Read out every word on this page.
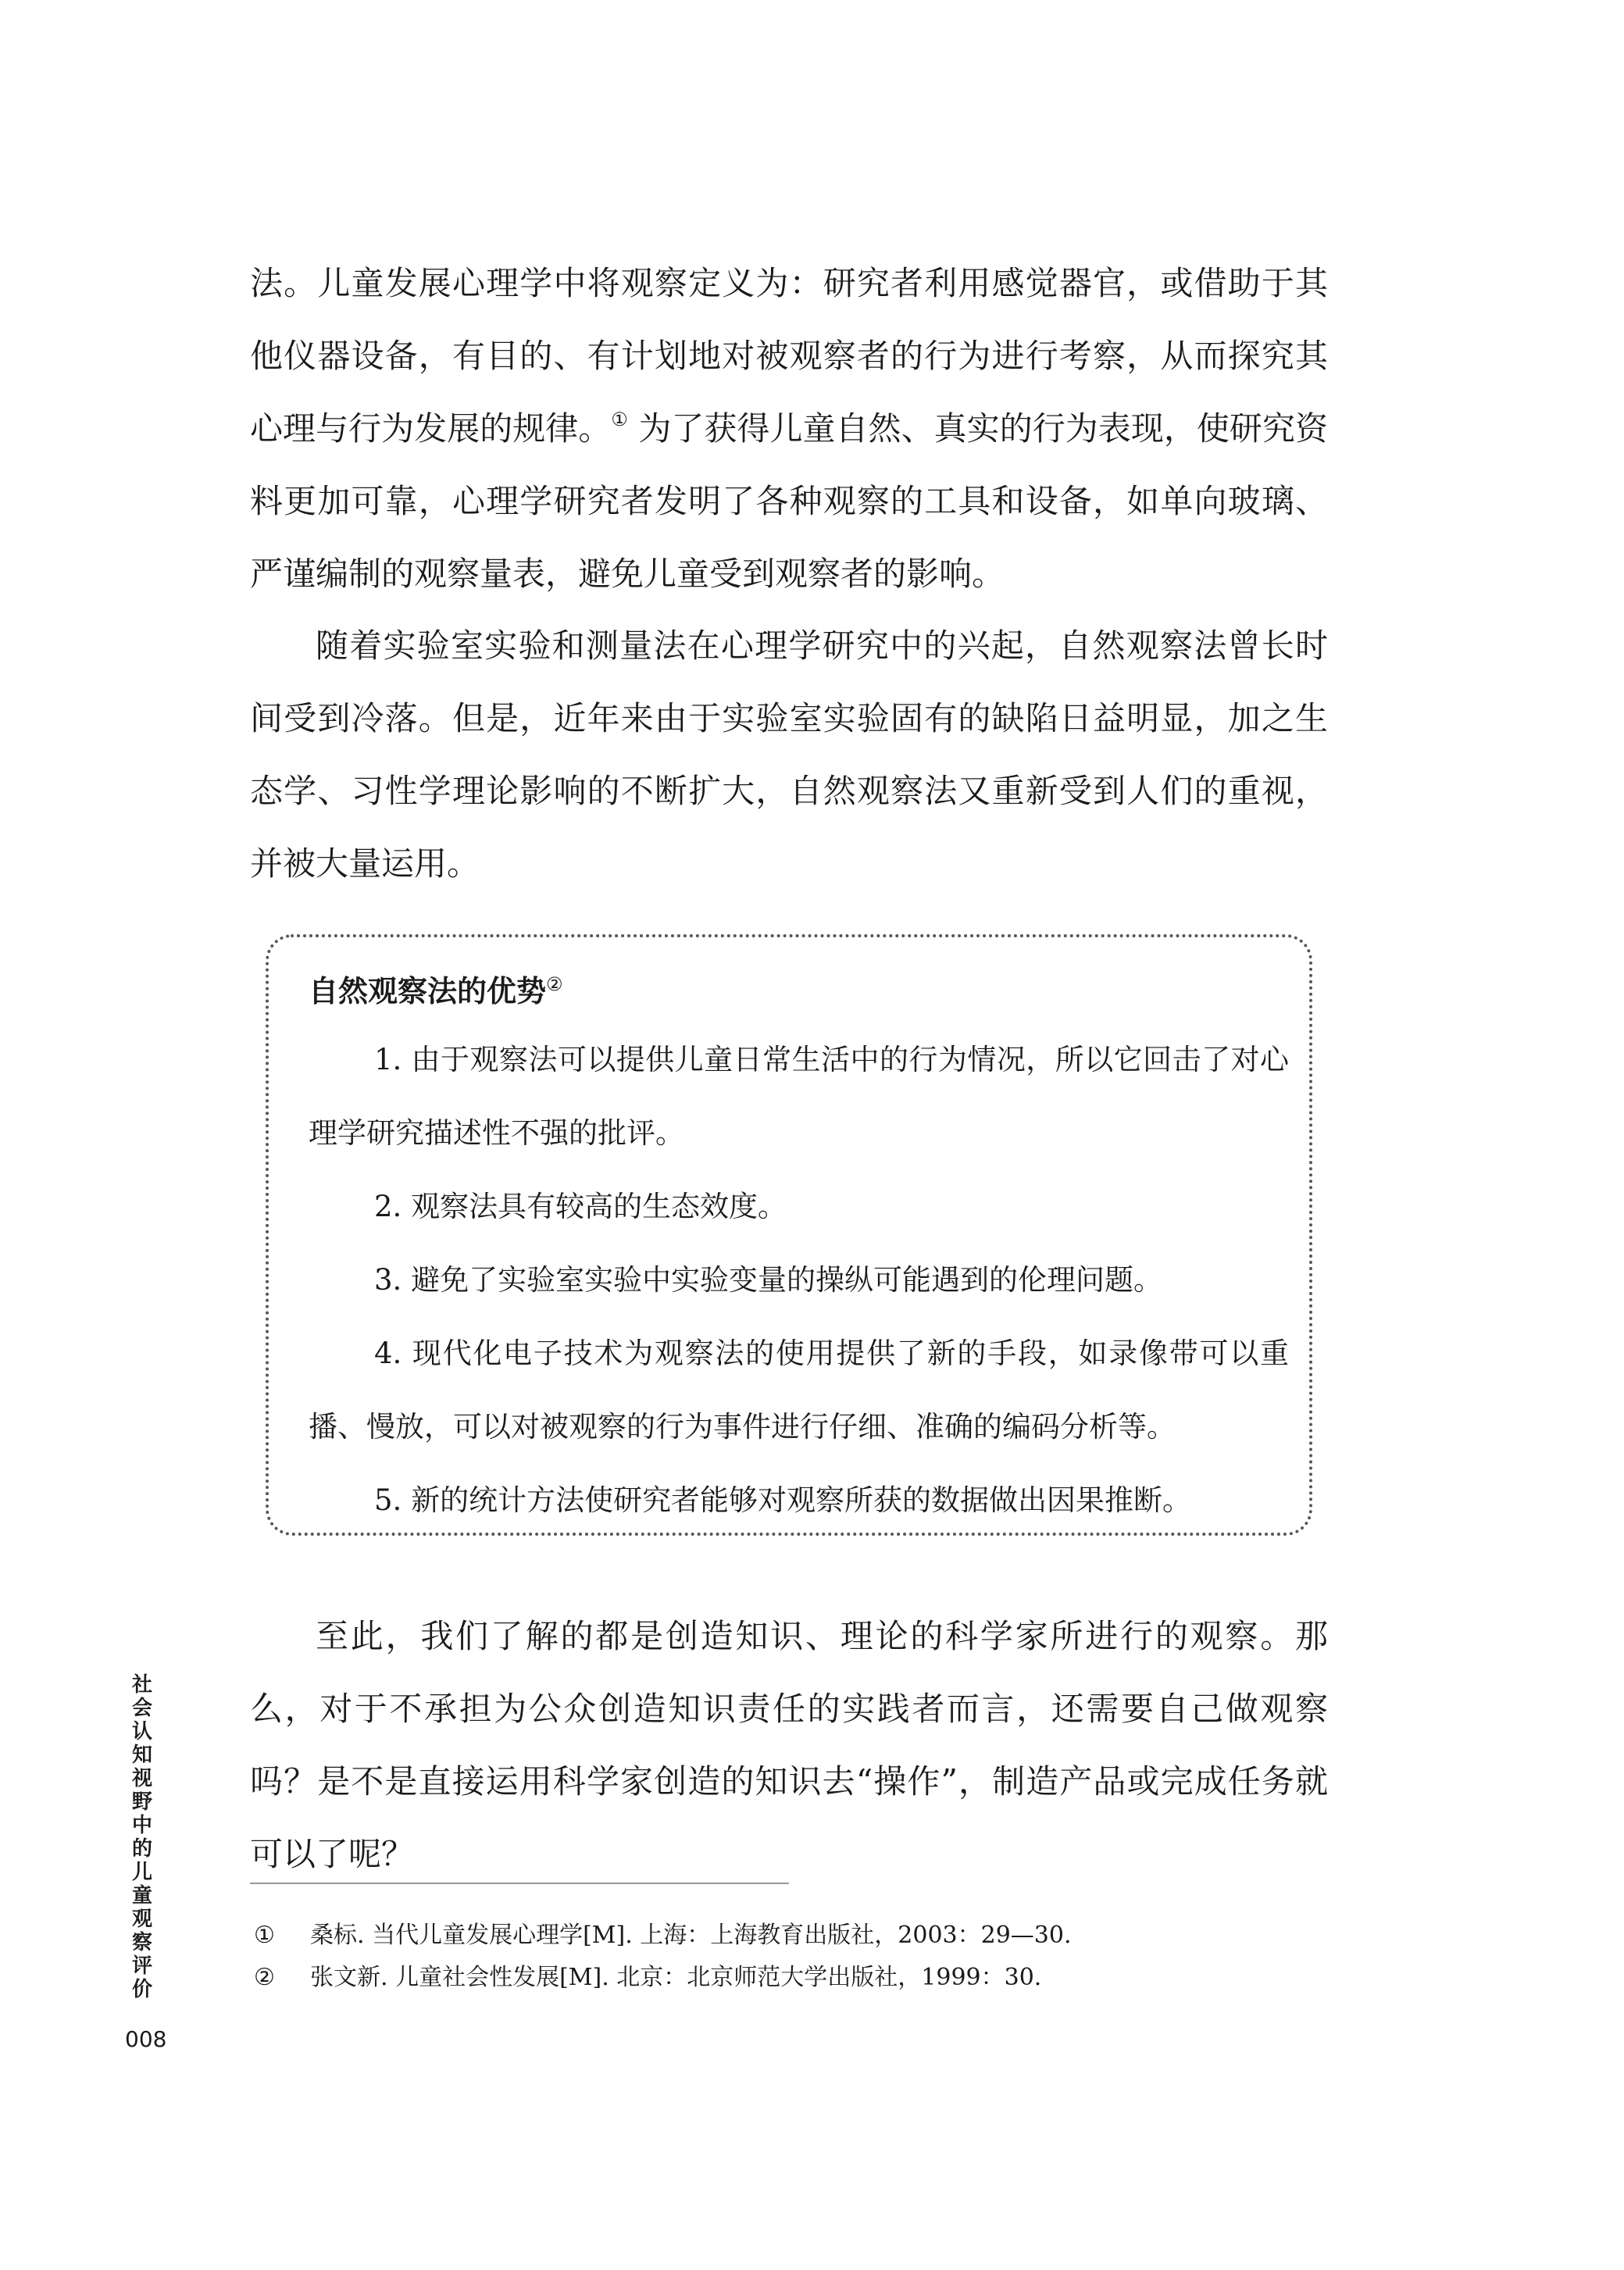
法。儿童发展心理学中将观察定义为：研究者利用感觉器官，或借助于其他仪器设备，有目的、有计划地对被观察者的行为进行考察，从而探究其心理与行为发展的规律。① 为了获得儿童自然、真实的行为表现，使研究资料更加可靠，心理学研究者发明了各种观察的工具和设备，如单向玻璃、严谨编制的观察量表，避免儿童受到观察者的影响。

随着实验室实验和测量法在心理学研究中的兴起，自然观察法曾长时间受到冷落。但是，近年来由于实验室实验固有的缺陷日益明显，加之生态学、习性学理论影响的不断扩大，自然观察法又重新受到人们的重视，并被大量运用。

自然观察法的优势②

1. 由于观察法可以提供儿童日常生活中的行为情况，所以它回击了对心理学研究描述性不强的批评。

2. 观察法具有较高的生态效度。

3. 避免了实验室实验中实验变量的操纵可能遇到的伦理问题。

4. 现代化电子技术为观察法的使用提供了新的手段，如录像带可以重播、慢放，可以对被观察的行为事件进行仔细、准确的编码分析等。

5. 新的统计方法使研究者能够对观察所获的数据做出因果推断。

至此，我们了解的都是创造知识、理论的科学家所进行的观察。那么，对于不承担为公众创造知识责任的实践者而言，还需要自己做观察吗？是不是直接运用科学家创造的知识去“操作”，制造产品或完成任务就可以了呢？

社会认知视野中的儿童观察评价

008

① 桑标. 当代儿童发展心理学[M]. 上海：上海教育出版社，2003：29—30.

② 张文新. 儿童社会性发展[M]. 北京：北京师范大学出版社，1999：30.
